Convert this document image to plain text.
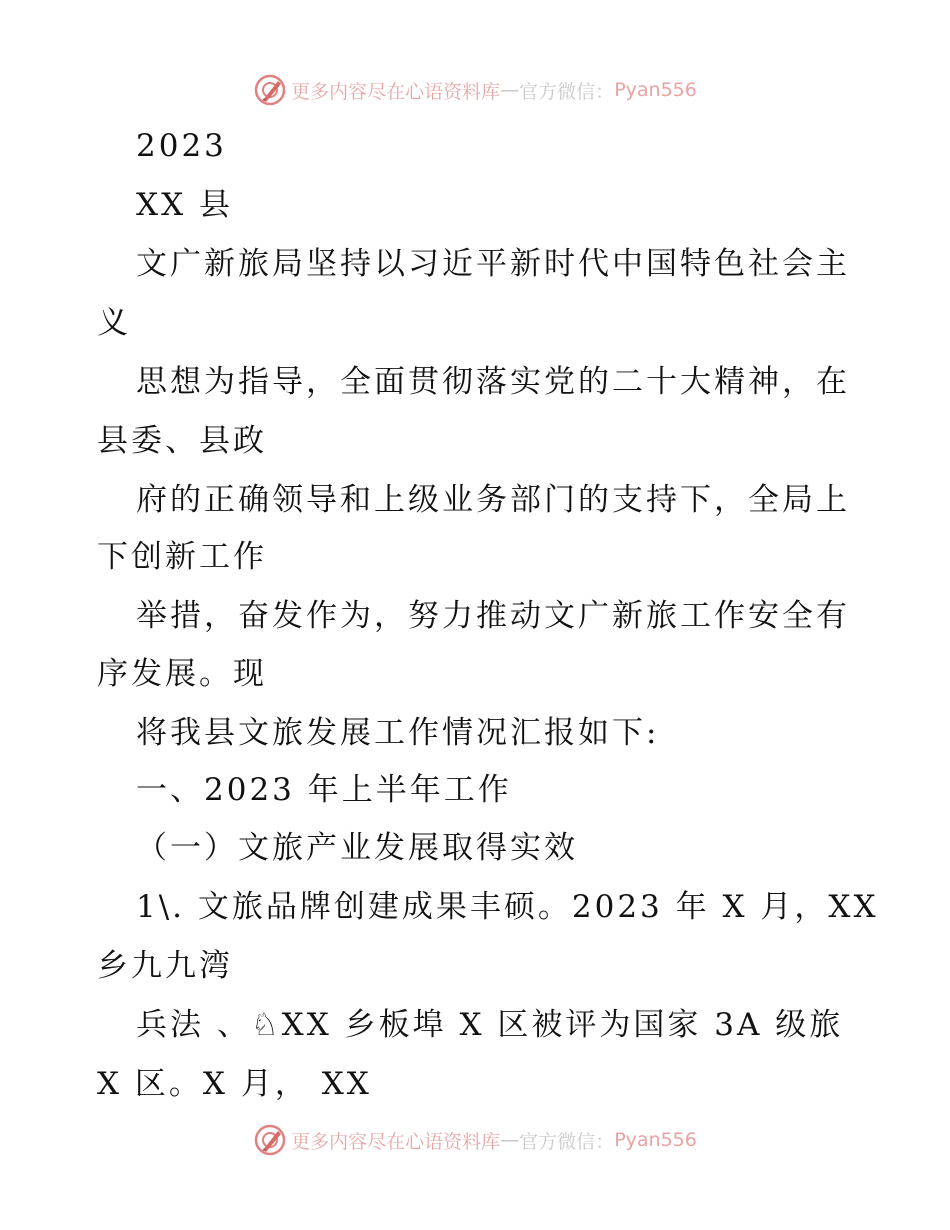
更多内容尽在心语资料库 — 官方微信： Pyan556

2023

XX 县

文广新旅局坚持以习近平新时代中国特色社会主

义

思想为指导，全面贯彻落实党的二十大精神，在

县委、县政

府的正确领导和上级业务部门的支持下，全局上

下创新工作

举措，奋发作为，努力推动文广新旅工作安全有

序发展。现

将我县文旅发展工作情况汇报如下:

一、2023 年上半年工作

（一）文旅产业发展取得实效

1\. 文旅品牌创建成果丰硕。2023 年 X 月，XX

乡九九湾

兵法 、♘XX 乡板埠 X 区被评为国家 3A 级旅

X 区。X 月， XX

更多内容尽在心语资料库 — 官方微信： Pyan556
